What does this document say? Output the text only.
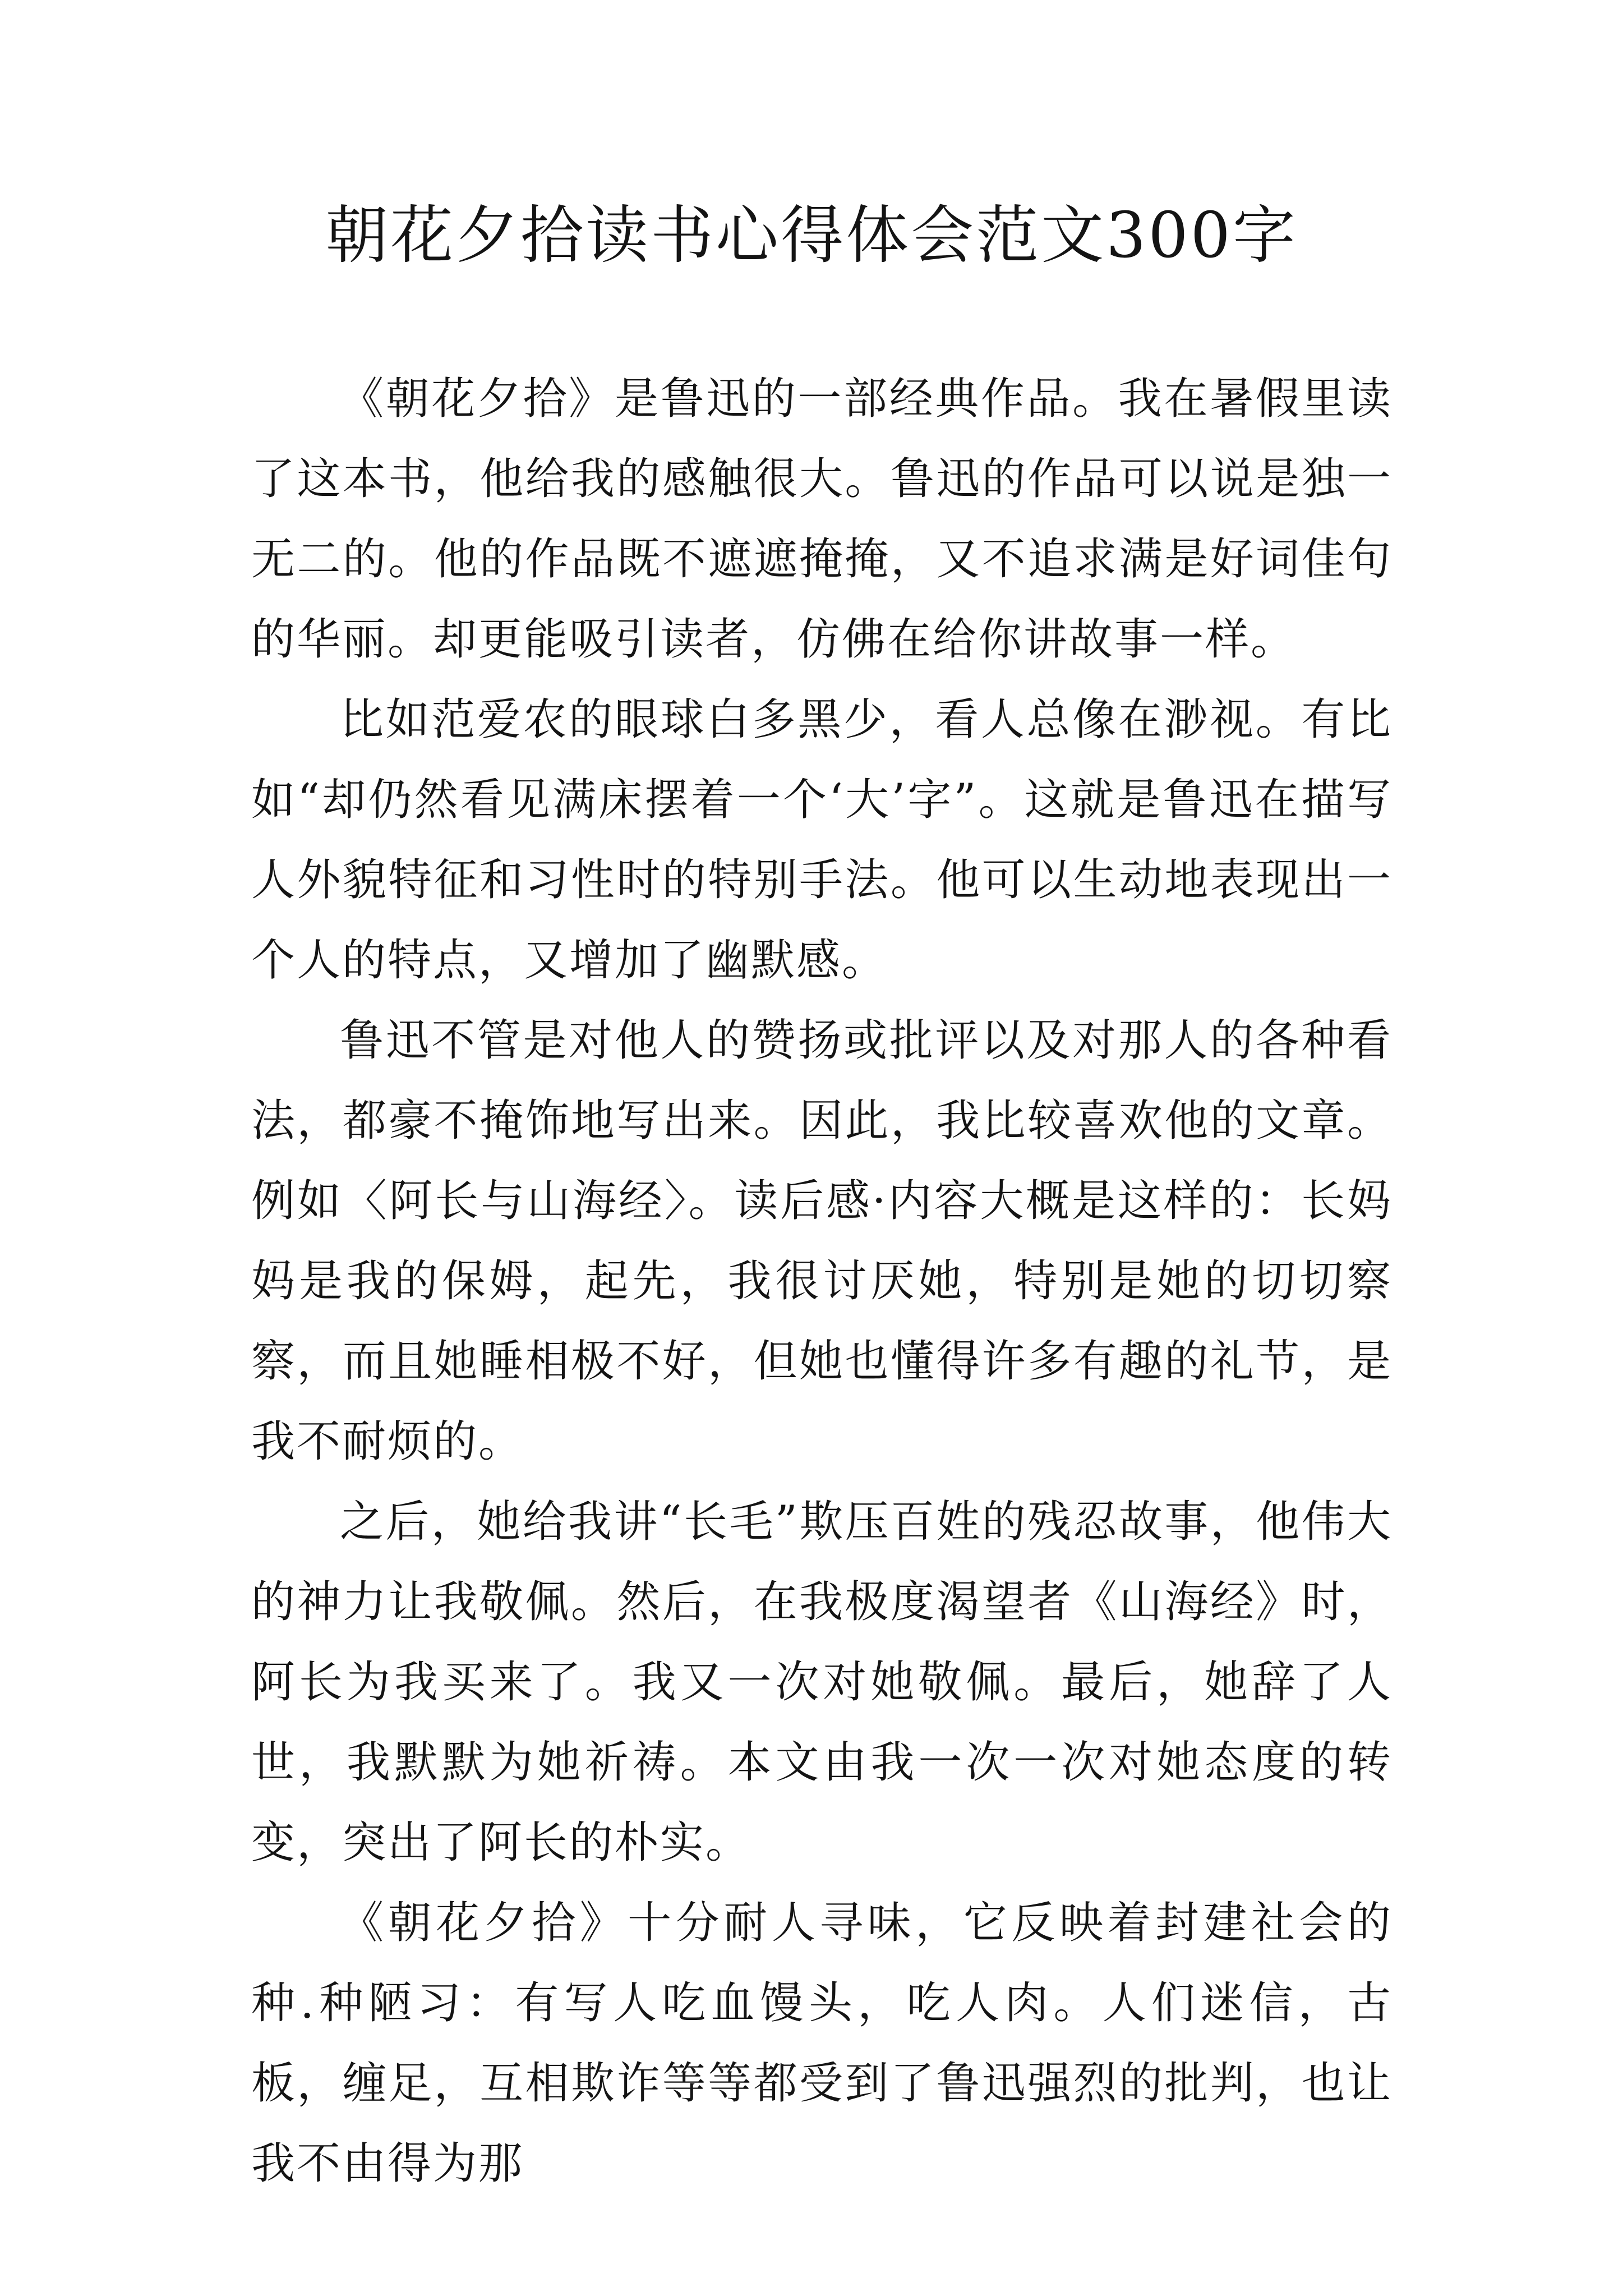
朝花夕拾读书心得体会范文300字

《朝花夕拾》是鲁迅的一部经典作品。我在暑假里读了这本书，他给我的感触很大。鲁迅的作品可以说是独一无二的。他的作品既不遮遮掩掩，又不追求满是好词佳句的华丽。却更能吸引读者，仿佛在给你讲故事一样。

比如范爱农的眼球白多黑少，看人总像在渺视。有比如“却仍然看见满床摆着一个‘大’字”。这就是鲁迅在描写人外貌特征和习性时的特别手法。他可以生动地表现出一个人的特点，又增加了幽默感。

鲁迅不管是对他人的赞扬或批评以及对那人的各种看法，都豪不掩饰地写出来。因此，我比较喜欢他的文章。例如〈阿长与山海经〉。读后感·内容大概是这样的：长妈妈是我的保姆，起先，我很讨厌她，特别是她的切切察察，而且她睡相极不好，但她也懂得许多有趣的礼节，是我不耐烦的。

之后，她给我讲“长毛”欺压百姓的残忍故事，他伟大的神力让我敬佩。然后，在我极度渴望者《山海经》时，阿长为我买来了。我又一次对她敬佩。最后，她辞了人世，我默默为她祈祷。本文由我一次一次对她态度的转变，突出了阿长的朴实。

《朝花夕拾》十分耐人寻味，它反映着封建社会的种.种陋习：有写人吃血馒头，吃人肉。人们迷信，古板，缠足，互相欺诈等等都受到了鲁迅强烈的批判，也让我不由得为那
